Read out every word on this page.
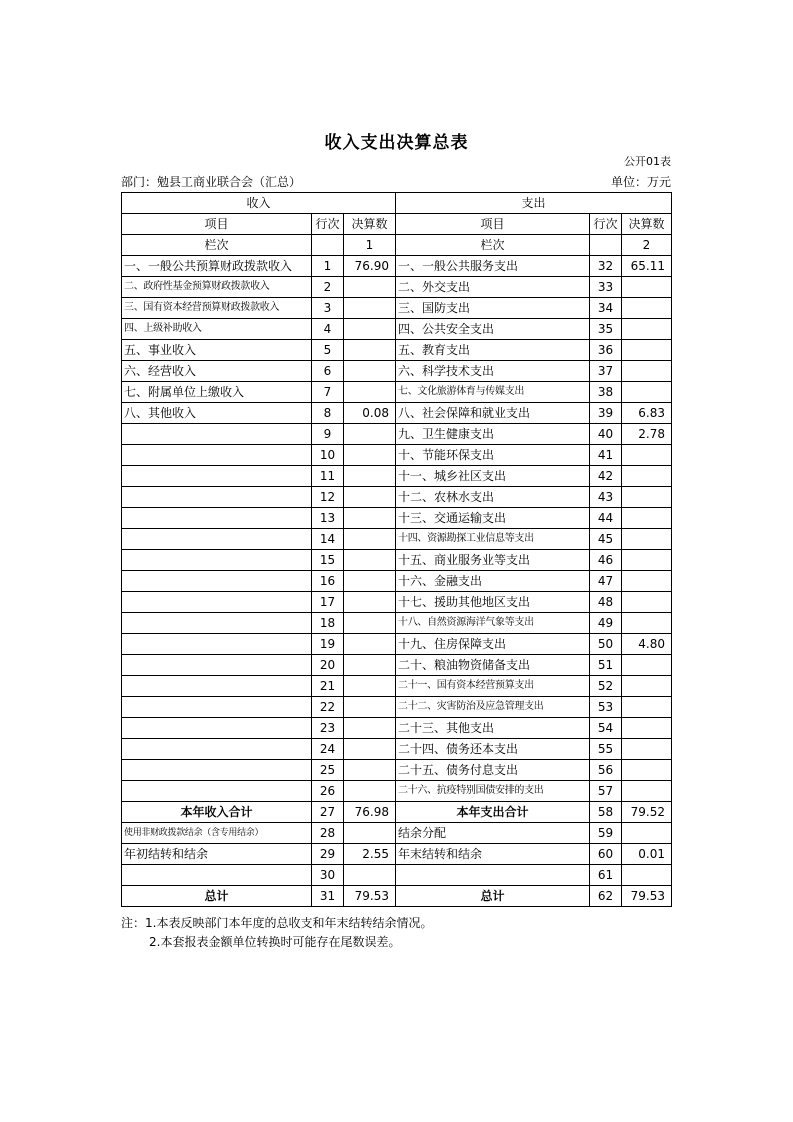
收入支出决算总表
公开01表
部门：勉县工商业联合会（汇总）	单位：万元
收入			支出		
项目	行次	决算数	项目	行次	决算数
栏次		1	栏次		2
一、一般公共预算财政拨款收入	1	76.90	一、一般公共服务支出	32	65.11
二、政府性基金预算财政拨款收入	2		二、外交支出	33	
三、国有资本经营预算财政拨款收入	3		三、国防支出	34	
四、上级补助收入	4		四、公共安全支出	35	
五、事业收入	5		五、教育支出	36	
六、经营收入	6		六、科学技术支出	37	
七、附属单位上缴收入	7		七、文化旅游体育与传媒支出	38	
八、其他收入	8	0.08	八、社会保障和就业支出	39	6.83
	9		九、卫生健康支出	40	2.78
	10		十、节能环保支出	41	
	11		十一、城乡社区支出	42	
	12		十二、农林水支出	43	
	13		十三、交通运输支出	44	
	14		十四、资源勘探工业信息等支出	45	
	15		十五、商业服务业等支出	46	
	16		十六、金融支出	47	
	17		十七、援助其他地区支出	48	
	18		十八、自然资源海洋气象等支出	49	
	19		十九、住房保障支出	50	4.80
	20		二十、粮油物资储备支出	51	
	21		二十一、国有资本经营预算支出	52	
	22		二十二、灾害防治及应急管理支出	53	
	23		二十三、其他支出	54	
	24		二十四、债务还本支出	55	
	25		二十五、债务付息支出	56	
	26		二十六、抗疫特别国债安排的支出	57	
本年收入合计	27	76.98	本年支出合计	58	79.52
使用非财政拨款结余（含专用结余）	28		结余分配	59	
年初结转和结余	29	2.55	年末结转和结余	60	0.01
	30			61	
总计	31	79.53	总计	62	79.53
注：1.本表反映部门本年度的总收支和年末结转结余情况。
2.本套报表金额单位转换时可能存在尾数误差。
